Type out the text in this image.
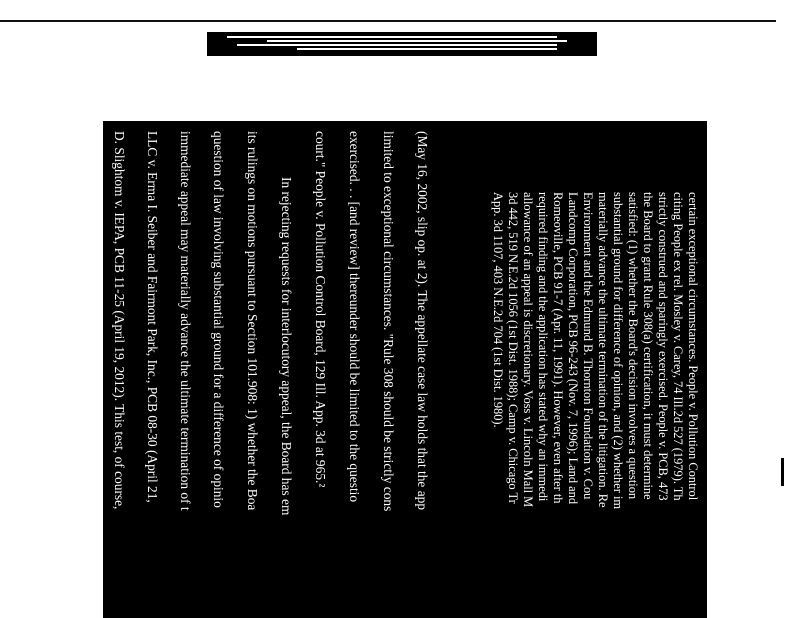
certain exceptional circumstances. People v. Pollution Control
citing People ex rel. Mosley v. Carey, 74 Ill.2d 527 (1979). Th
strictly construed and sparingly exercised. People v. PCB, 473
the Board to grant Rule 308(a) certification, it must determine
satisfied: (1) whether the Board's decision involves a question
substantial ground for difference of opinion, and (2) whether im
materially advance the ultimate termination of the litigation. Re
Environment and the Edmund B. Thornton Foundation v. Cou
Landcomp Corporation, PCB 96-243 (Nov. 7, 1996); Land and
Romeoville, PCB 91-7 (Apr. 11, 1991). However, even after th
required finding and the application has stated why an immedi
allowance of an appeal is discretionary. Voss v. Lincoln Mall M
3d 442, 519 N.E.2d 1056 (1st Dist. 1988); Camp v. Chicago Tr
App. 3d 1107, 403 N.E.2d 704 (1st Dist. 1980).
(May 16, 2002, slip op. at 2). The appellate case law holds that the app
limited to exceptional circumstances. "Rule 308 should be strictly cons
exercised. . . [and review] thereunder should be limited to the questio
court." People v. Pollution Control Board, 129 Ill. App. 3d at 965.²
In rejecting requests for interlocutory appeal, the Board has em
its rulings on motions pursuant to Section 101.908: 1) whether the Boa
question of law involving substantial ground for a difference of opinio
immediate appeal may materially advance the ultimate termination of t
LLC v. Erma I. Seiber and Fairmont Park, Inc., PCB 08-30 (April 21,
D. Slightom v. IEPA, PCB 11-25 (April 19, 2012). This test, of course,
308(a) requires.
The Respondents cite cases that suggest an interlocutory appeal
